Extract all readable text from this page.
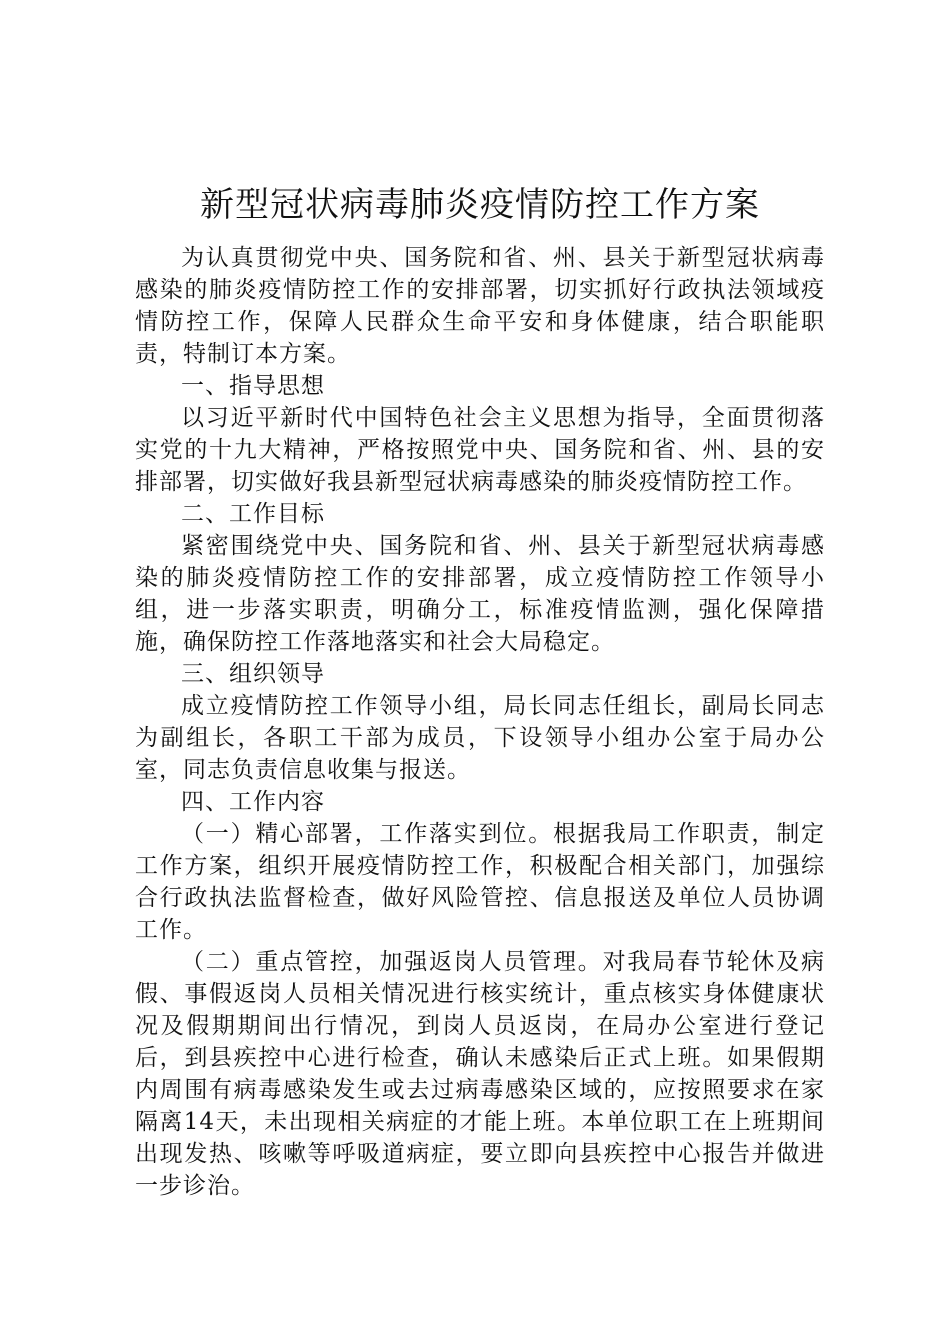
新型冠状病毒肺炎疫情防控工作方案

为认真贯彻党中央、国务院和省、州、县关于新型冠状病毒感染的肺炎疫情防控工作的安排部署，切实抓好行政执法领域疫情防控工作，保障人民群众生命平安和身体健康，结合职能职责，特制订本方案。

一、指导思想

以习近平新时代中国特色社会主义思想为指导，全面贯彻落实党的十九大精神，严格按照党中央、国务院和省、州、县的安排部署，切实做好我县新型冠状病毒感染的肺炎疫情防控工作。

二、工作目标

紧密围绕党中央、国务院和省、州、县关于新型冠状病毒感染的肺炎疫情防控工作的安排部署，成立疫情防控工作领导小组，进一步落实职责，明确分工，标准疫情监测，强化保障措施，确保防控工作落地落实和社会大局稳定。

三、组织领导

成立疫情防控工作领导小组，局长同志任组长，副局长同志为副组长，各职工干部为成员，下设领导小组办公室于局办公室，同志负责信息收集与报送。

四、工作内容

（一）精心部署，工作落实到位。根据我局工作职责，制定工作方案，组织开展疫情防控工作，积极配合相关部门，加强综合行政执法监督检查，做好风险管控、信息报送及单位人员协调工作。

（二）重点管控，加强返岗人员管理。对我局春节轮休及病假、事假返岗人员相关情况进行核实统计，重点核实身体健康状况及假期期间出行情况，到岗人员返岗，在局办公室进行登记后，到县疾控中心进行检查，确认未感染后正式上班。如果假期内周围有病毒感染发生或去过病毒感染区域的，应按照要求在家隔离14天，未出现相关病症的才能上班。本单位职工在上班期间出现发热、咳嗽等呼吸道病症，要立即向县疾控中心报告并做进一步诊治。
